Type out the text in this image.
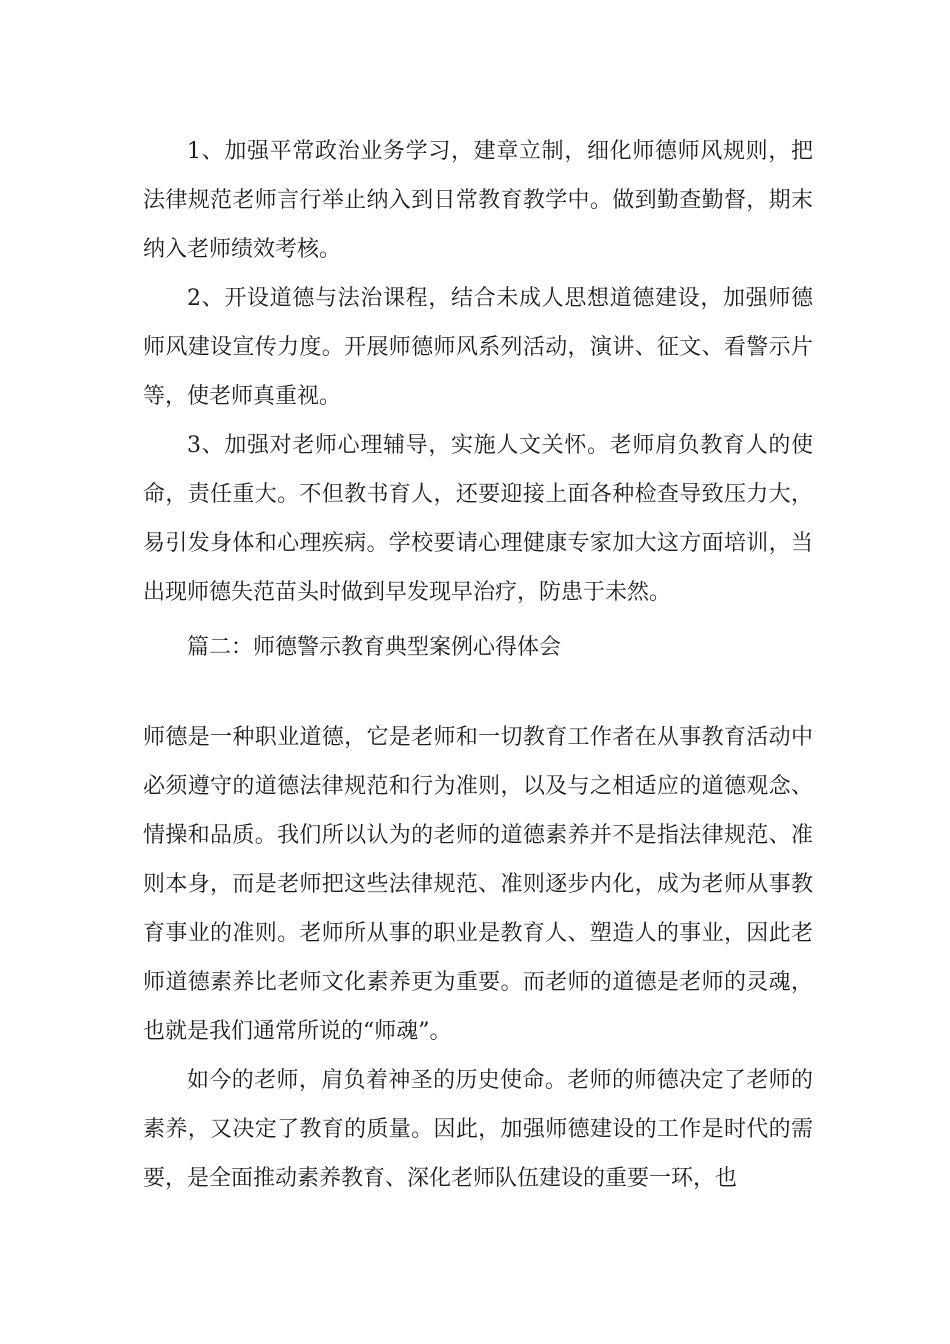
1、加强平常政治业务学习，建章立制，细化师德师风规则，把法律规范老师言行举止纳入到日常教育教学中。做到勤查勤督，期末纳入老师绩效考核。

2、开设道德与法治课程，结合未成人思想道德建设，加强师德师风建设宣传力度。开展师德师风系列活动，演讲、征文、看警示片等，使老师真重视。

3、加强对老师心理辅导，实施人文关怀。老师肩负教育人的使命，责任重大。不但教书育人，还要迎接上面各种检查导致压力大，易引发身体和心理疾病。学校要请心理健康专家加大这方面培训，当出现师德失范苗头时做到早发现早治疗，防患于未然。

篇二：师德警示教育典型案例心得体会

师德是一种职业道德，它是老师和一切教育工作者在从事教育活动中必须遵守的道德法律规范和行为准则，以及与之相适应的道德观念、情操和品质。我们所以认为的老师的道德素养并不是指法律规范、准则本身，而是老师把这些法律规范、准则逐步内化，成为老师从事教育事业的准则。老师所从事的职业是教育人、塑造人的事业，因此老师道德素养比老师文化素养更为重要。而老师的道德是老师的灵魂，也就是我们通常所说的“师魂”。

如今的老师，肩负着神圣的历史使命。老师的师德决定了老师的素养，又决定了教育的质量。因此，加强师德建设的工作是时代的需要，是全面推动素养教育、深化老师队伍建设的重要一环，也
